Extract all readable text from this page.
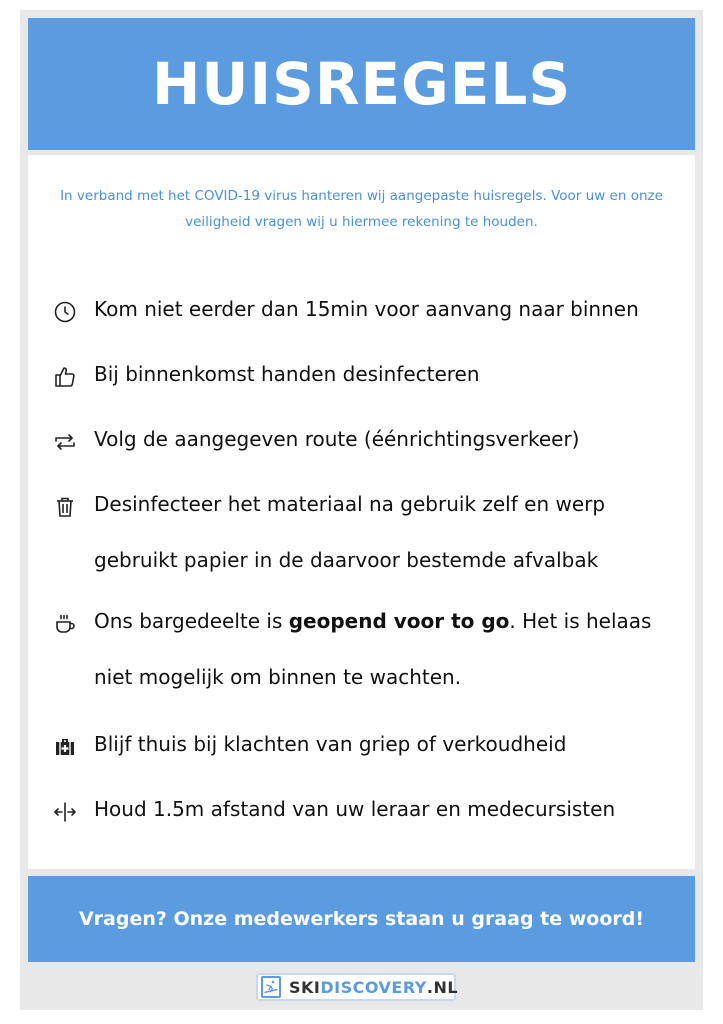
HUISREGELS
In verband met het COVID-19 virus hanteren wij aangepaste huisregels. Voor uw en onze veiligheid vragen wij u hiermee rekening te houden.
Kom niet eerder dan 15min voor aanvang naar binnen
Bij binnenkomst handen desinfecteren
Volg de aangegeven route (éénrichtingsverkeer)
Desinfecteer het materiaal na gebruik zelf en werp gebruikt papier in de daarvoor bestemde afvalbak
Ons bargedeelte is geopend voor to go. Het is helaas niet mogelijk om binnen te wachten.
Blijf thuis bij klachten van griep of verkoudheid
Houd 1.5m afstand van uw leraar en medecursisten
Vragen? Onze medewerkers staan u graag te woord!
SKI DISCOVERY .NL
